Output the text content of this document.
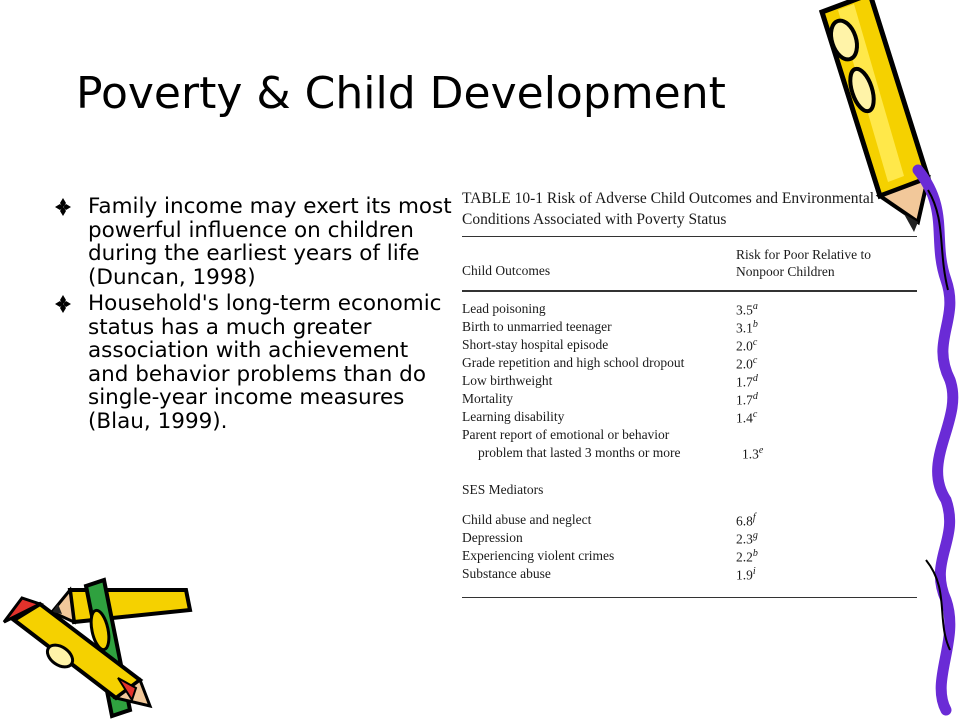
Poverty & Child Development
Family income may exert its most powerful influence on children during the earliest years of life (Duncan, 1998)
Household's long-term economic status has a much greater association with achievement and behavior problems than do single-year income measures (Blau, 1999).
TABLE 10-1 Risk of Adverse Child Outcomes and Environmental
Conditions Associated with Poverty Status
Child Outcomes
Risk for Poor Relative to
Nonpoor Children
Lead poisoning	3.5$^a$
Birth to unmarried teenager	3.1$^b$
Short-stay hospital episode	2.0$^c$
Grade repetition and high school dropout	2.0$^c$
Low birthweight	1.7$^d$
Mortality	1.7$^d$
Learning disability	1.4$^c$
Parent report of emotional or behavior
problem that lasted 3 months or more	1.3e
SES Mediators
Child abuse and neglect	6.8$^f$
Depression	2.3$^g$
Experiencing violent crimes	2.2$^b$
Substance abuse	1.9$^i$
